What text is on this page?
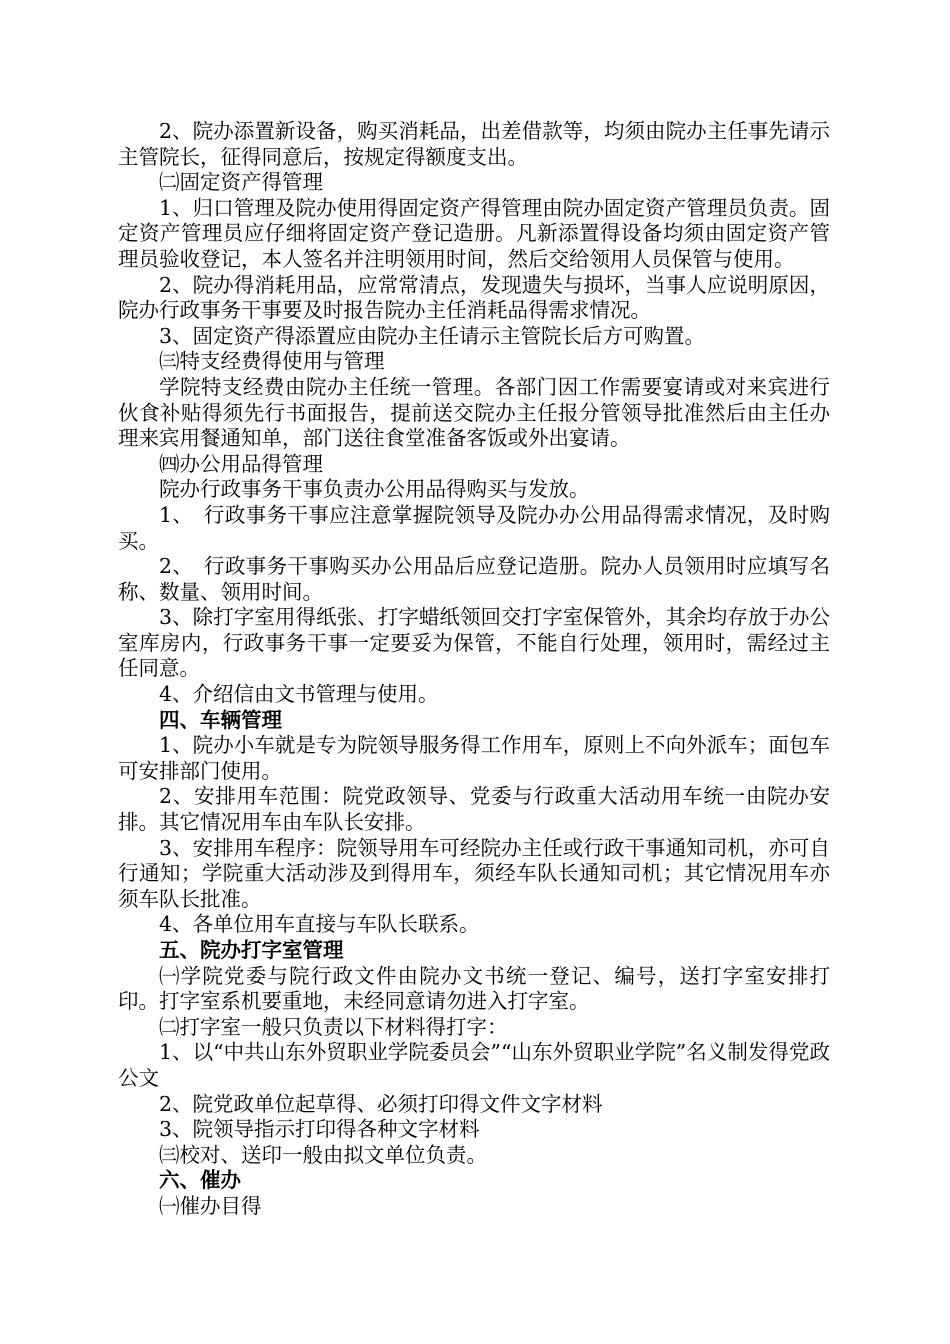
2、院办添置新设备，购买消耗品，出差借款等，均须由院办主任事先请示主管院长，征得同意后，按规定得额度支出。

㈡固定资产得管理

1、归口管理及院办使用得固定资产得管理由院办固定资产管理员负责。固定资产管理员应仔细将固定资产登记造册。凡新添置得设备均须由固定资产管理员验收登记，本人签名并注明领用时间，然后交给领用人员保管与使用。

2、院办得消耗用品，应常常清点，发现遗失与损坏，当事人应说明原因，院办行政事务干事要及时报告院办主任消耗品得需求情况。

3、固定资产得添置应由院办主任请示主管院长后方可购置。

㈢特支经费得使用与管理

学院特支经费由院办主任统一管理。各部门因工作需要宴请或对来宾进行伙食补贴得须先行书面报告，提前送交院办主任报分管领导批准然后由主任办理来宾用餐通知单，部门送往食堂准备客饭或外出宴请。

㈣办公用品得管理

院办行政事务干事负责办公用品得购买与发放。

1、　行政事务干事应注意掌握院领导及院办办公用品得需求情况，及时购买。

2、　行政事务干事购买办公用品后应登记造册。院办人员领用时应填写名称、数量、领用时间。

3、除打字室用得纸张、打字蜡纸领回交打字室保管外，其余均存放于办公室库房内，行政事务干事一定要妥为保管，不能自行处理，领用时，需经过主任同意。

4、介绍信由文书管理与使用。

四、车辆管理

1、院办小车就是专为院领导服务得工作用车，原则上不向外派车；面包车可安排部门使用。

2、安排用车范围：院党政领导、党委与行政重大活动用车统一由院办安排。其它情况用车由车队长安排。

3、安排用车程序：院领导用车可经院办主任或行政干事通知司机，亦可自行通知；学院重大活动涉及到得用车，须经车队长通知司机；其它情况用车亦须车队长批准。

4、各单位用车直接与车队长联系。

五、院办打字室管理

㈠学院党委与院行政文件由院办文书统一登记、编号，送打字室安排打印。打字室系机要重地，未经同意请勿进入打字室。

㈡打字室一般只负责以下材料得打字：

1、以“中共山东外贸职业学院委员会”“山东外贸职业学院”名义制发得党政公文

2、院党政单位起草得、必须打印得文件文字材料

3、院领导指示打印得各种文字材料

㈢校对、送印一般由拟文单位负责。

六、催办

㈠催办目得
